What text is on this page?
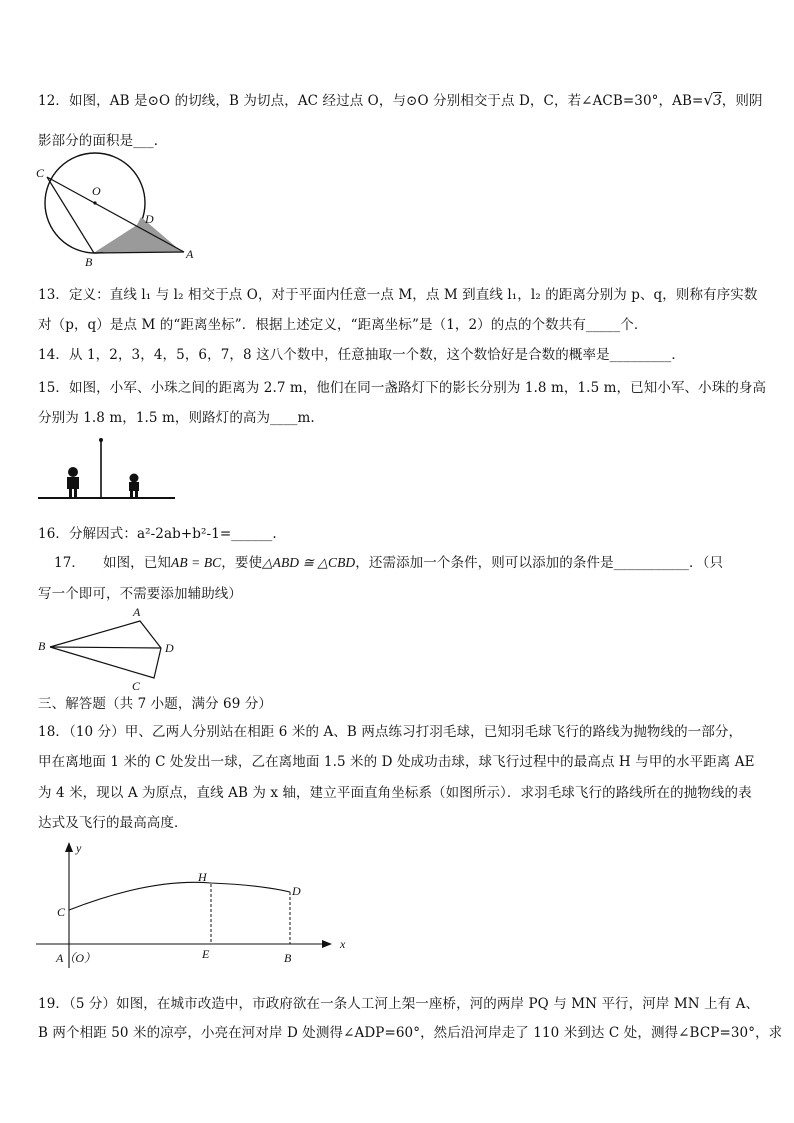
12．如图，AB 是⊙O 的切线，B 为切点，AC 经过点 O，与⊙O 分别相交于点 D，C，若∠ACB=30°，AB=√3，则阴
影部分的面积是___．
C
O
D
B
A
13．定义：直线 l₁ 与 l₂ 相交于点 O，对于平面内任意一点 M，点 M 到直线 l₁，l₂ 的距离分别为 p、q，则称有序实数
对（p，q）是点 M 的“距离坐标”．根据上述定义，“距离坐标”是（1，2）的点的个数共有_____个．
14．从 1，2，3，4，5，6，7，8 这八个数中，任意抽取一个数，这个数恰好是合数的概率是_________．
15．如图，小军、小珠之间的距离为 2.7 m，他们在同一盏路灯下的影长分别为 1.8 m，1.5 m，已知小军、小珠的身高
分别为 1.8 m，1.5 m，则路灯的高为____m.
16．分解因式：a²-2ab+b²-1=______.
17． 如图，已知AB = BC，要使△ABD ≅ △CBD，还需添加一个条件，则可以添加的条件是___________．（只
写一个即可，不需要添加辅助线）
A
B	D
C
三、解答题（共 7 小题，满分 69 分）
18．（10 分）甲、乙两人分别站在相距 6 米的 A、B 两点练习打羽毛球，已知羽毛球飞行的路线为抛物线的一部分，
甲在离地面 1 米的 C 处发出一球，乙在离地面 1.5 米的 D 处成功击球，球飞行过程中的最高点 H 与甲的水平距离 AE
为 4 米，现以 A 为原点，直线 AB 为 x 轴，建立平面直角坐标系（如图所示）．求羽毛球飞行的路线所在的抛物线的表
达式及飞行的最高高度．
y
x
C
H
D
A（O）	E	B
19．（5 分）如图，在城市改造中，市政府欲在一条人工河上架一座桥，河的两岸 PQ 与 MN 平行，河岸 MN 上有 A、
B 两个相距 50 米的凉亭，小亮在河对岸 D 处测得∠ADP=60°，然后沿河岸走了 110 米到达 C 处，测得∠BCP=30°，求
